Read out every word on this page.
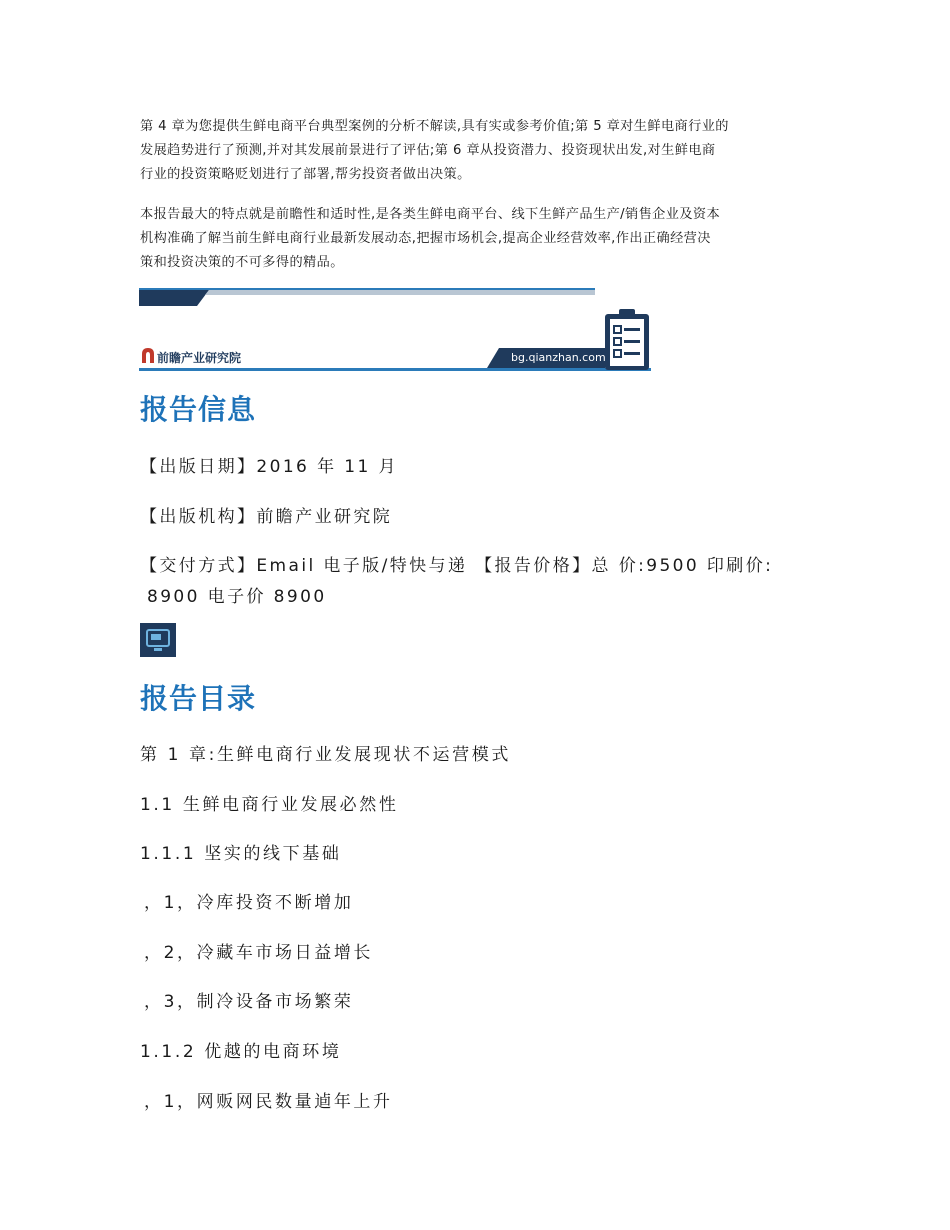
第 4 章为您提供生鲜电商平台典型案例的分析不解读,具有实或参考价值;第 5 章对生鲜电商行业的
发展趋势进行了预测,并对其发展前景进行了评估;第 6 章从投资潜力、投资现状出发,对生鲜电商
行业的投资策略贬划进行了部署,帮劣投资者做出决策。
本报告最大的特点就是前瞻性和适时性,是各类生鲜电商平台、线下生鲜产品生产/销售企业及资本
机构准确了解当前生鲜电商行业最新发展动态,把握市场机会,提高企业经营效率,作出正确经营决
策和投资决策的不可多得的精品。
前瞻产业研究院	bg.qianzhan.com
报告信息
【出版日期】2016 年 11 月
【出版机构】前瞻产业研究院
【交付方式】Email 电子版/特快与递 【报告价格】总 价:9500 印刷价:
8900 电子价 8900
报告目录
第 1 章:生鲜电商行业发展现状不运营模式
1.1 生鲜电商行业发展必然性
1.1.1 坚实的线下基础
，1，冷库投资不断增加
，2，冷藏车市场日益增长
，3，制冷设备市场繁荣
1.1.2 优越的电商环境
，1，网贩网民数量逌年上升
